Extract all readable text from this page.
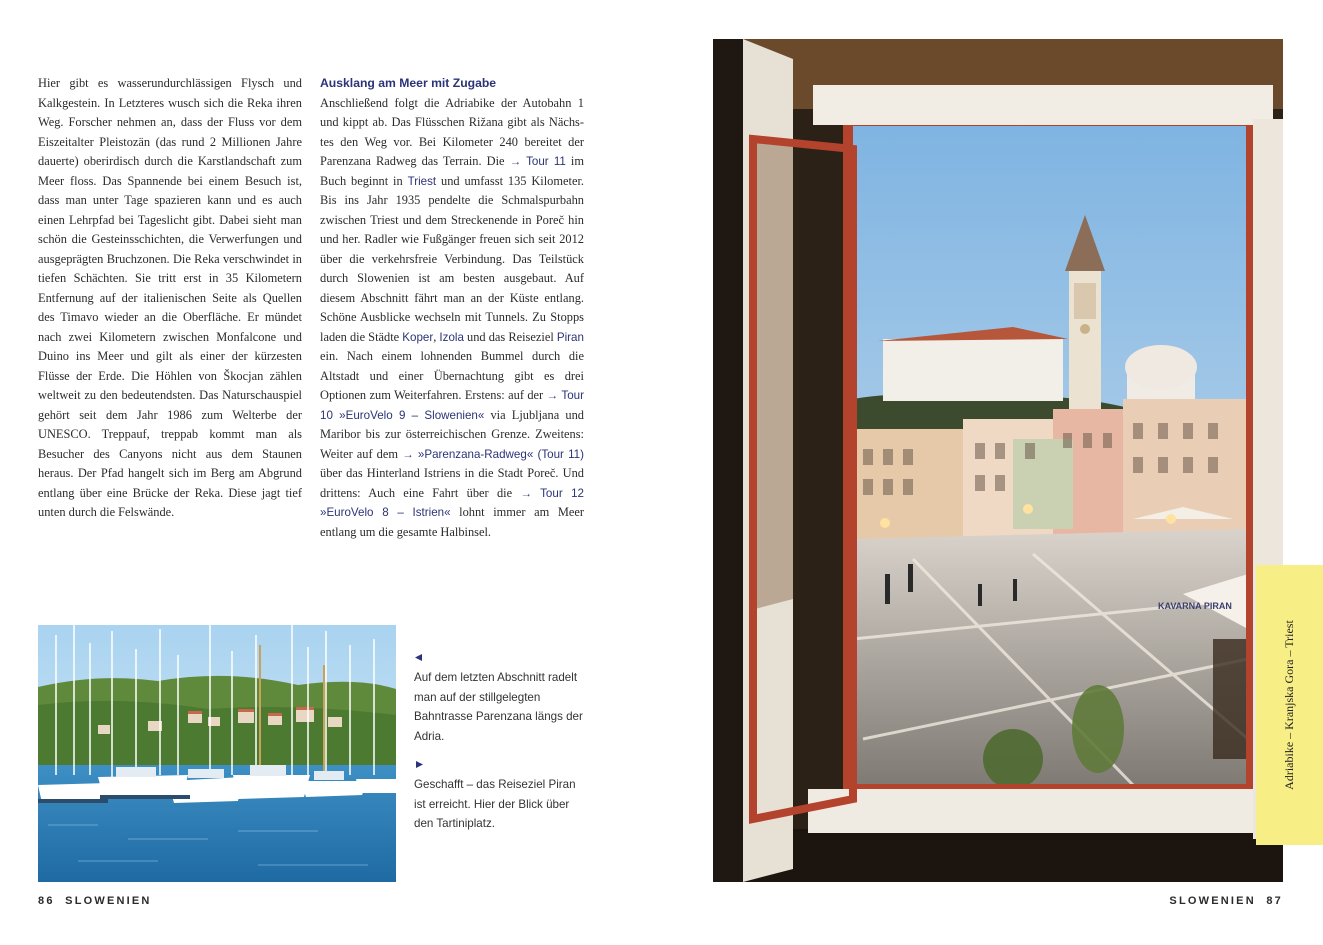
Hier gibt es wasserundurchlässigen Flysch und Kalkgestein. In Letzteres wusch sich die Reka ihren Weg. Forscher nehmen an, dass der Fluss vor dem Eiszeitalter Pleistozän (das rund 2 Millionen Jahre dauerte) oberirdisch durch die Karstlandschaft zum Meer floss. Das Spannende bei einem Besuch ist, dass man unter Tage spazieren kann und es auch einen Lehrpfad bei Tageslicht gibt. Dabei sieht man schön die Gesteinsschichten, die Verwerfungen und ausgeprägten Bruchzonen. Die Reka verschwindet in tiefen Schächten. Sie tritt erst in 35 Kilometern Entfernung auf der italienischen Seite als Quellen des Timavo wieder an die Oberfläche. Er mündet nach zwei Kilometern zwischen Monfalcone und Duino ins Meer und gilt als einer der kürzesten Flüsse der Erde. Die Höhlen von Škocjan zählen weltweit zu den bedeutendsten. Das Naturschauspiel gehört seit dem Jahr 1986 zum Welterbe der UNESCO. Treppauf, treppab kommt man als Besucher des Canyons nicht aus dem Staunen heraus. Der Pfad hangelt sich im Berg am Abgrund entlang über eine Brücke der Reka. Diese jagt tief unten durch die Felswände.

Ausklang am Meer mit Zugabe

Anschließend folgt die Adriabike der Autobahn 1 und kippt ab. Das Flüsschen Rižana gibt als Nächstes den Weg vor. Bei Kilometer 240 bereitet der Parenzana Radweg das Terrain. Die → Tour 11 im Buch beginnt in Triest und umfasst 135 Kilometer. Bis ins Jahr 1935 pendelte die Schmalspurbahn zwischen Triest und dem Streckenende in Poreč hin und her. Radler wie Fußgänger freuen sich seit 2012 über die verkehrsfreie Verbindung. Das Teilstück durch Slowenien ist am besten ausgebaut. Auf diesem Abschnitt fährt man an der Küste entlang. Schöne Ausblicke wechseln mit Tunnels. Zu Stopps laden die Städte Koper, Izola und das Reiseziel Piran ein. Nach einem lohnenden Bummel durch die Altstadt und einer Übernachtung gibt es drei Optionen zum Weiterfahren. Erstens: auf der → Tour 10 »EuroVelo 9 – Slowenien« via Ljubljana und Maribor bis zur österreichischen Grenze. Zweitens: Weiter auf dem → »Parenzana-Radweg« (Tour 11) über das Hinterland Istriens in die Stadt Poreč. Und drittens: Auch eine Fahrt über die → Tour 12 »EuroVelo 8 – Istrien« lohnt immer am Meer entlang um die gesamte Halbinsel.

Auf dem letzten Abschnitt radelt man auf der stillgelegten Bahntrasse Parenzana längs der Adria.
Geschafft – das Reiseziel Piran ist erreicht. Hier der Blick über den Tartiniplatz.
KAVARNA PIRAN
Adriabike – Kranjska Gora – Triest
86 SLOWENIEN	SLOWENIEN 87
